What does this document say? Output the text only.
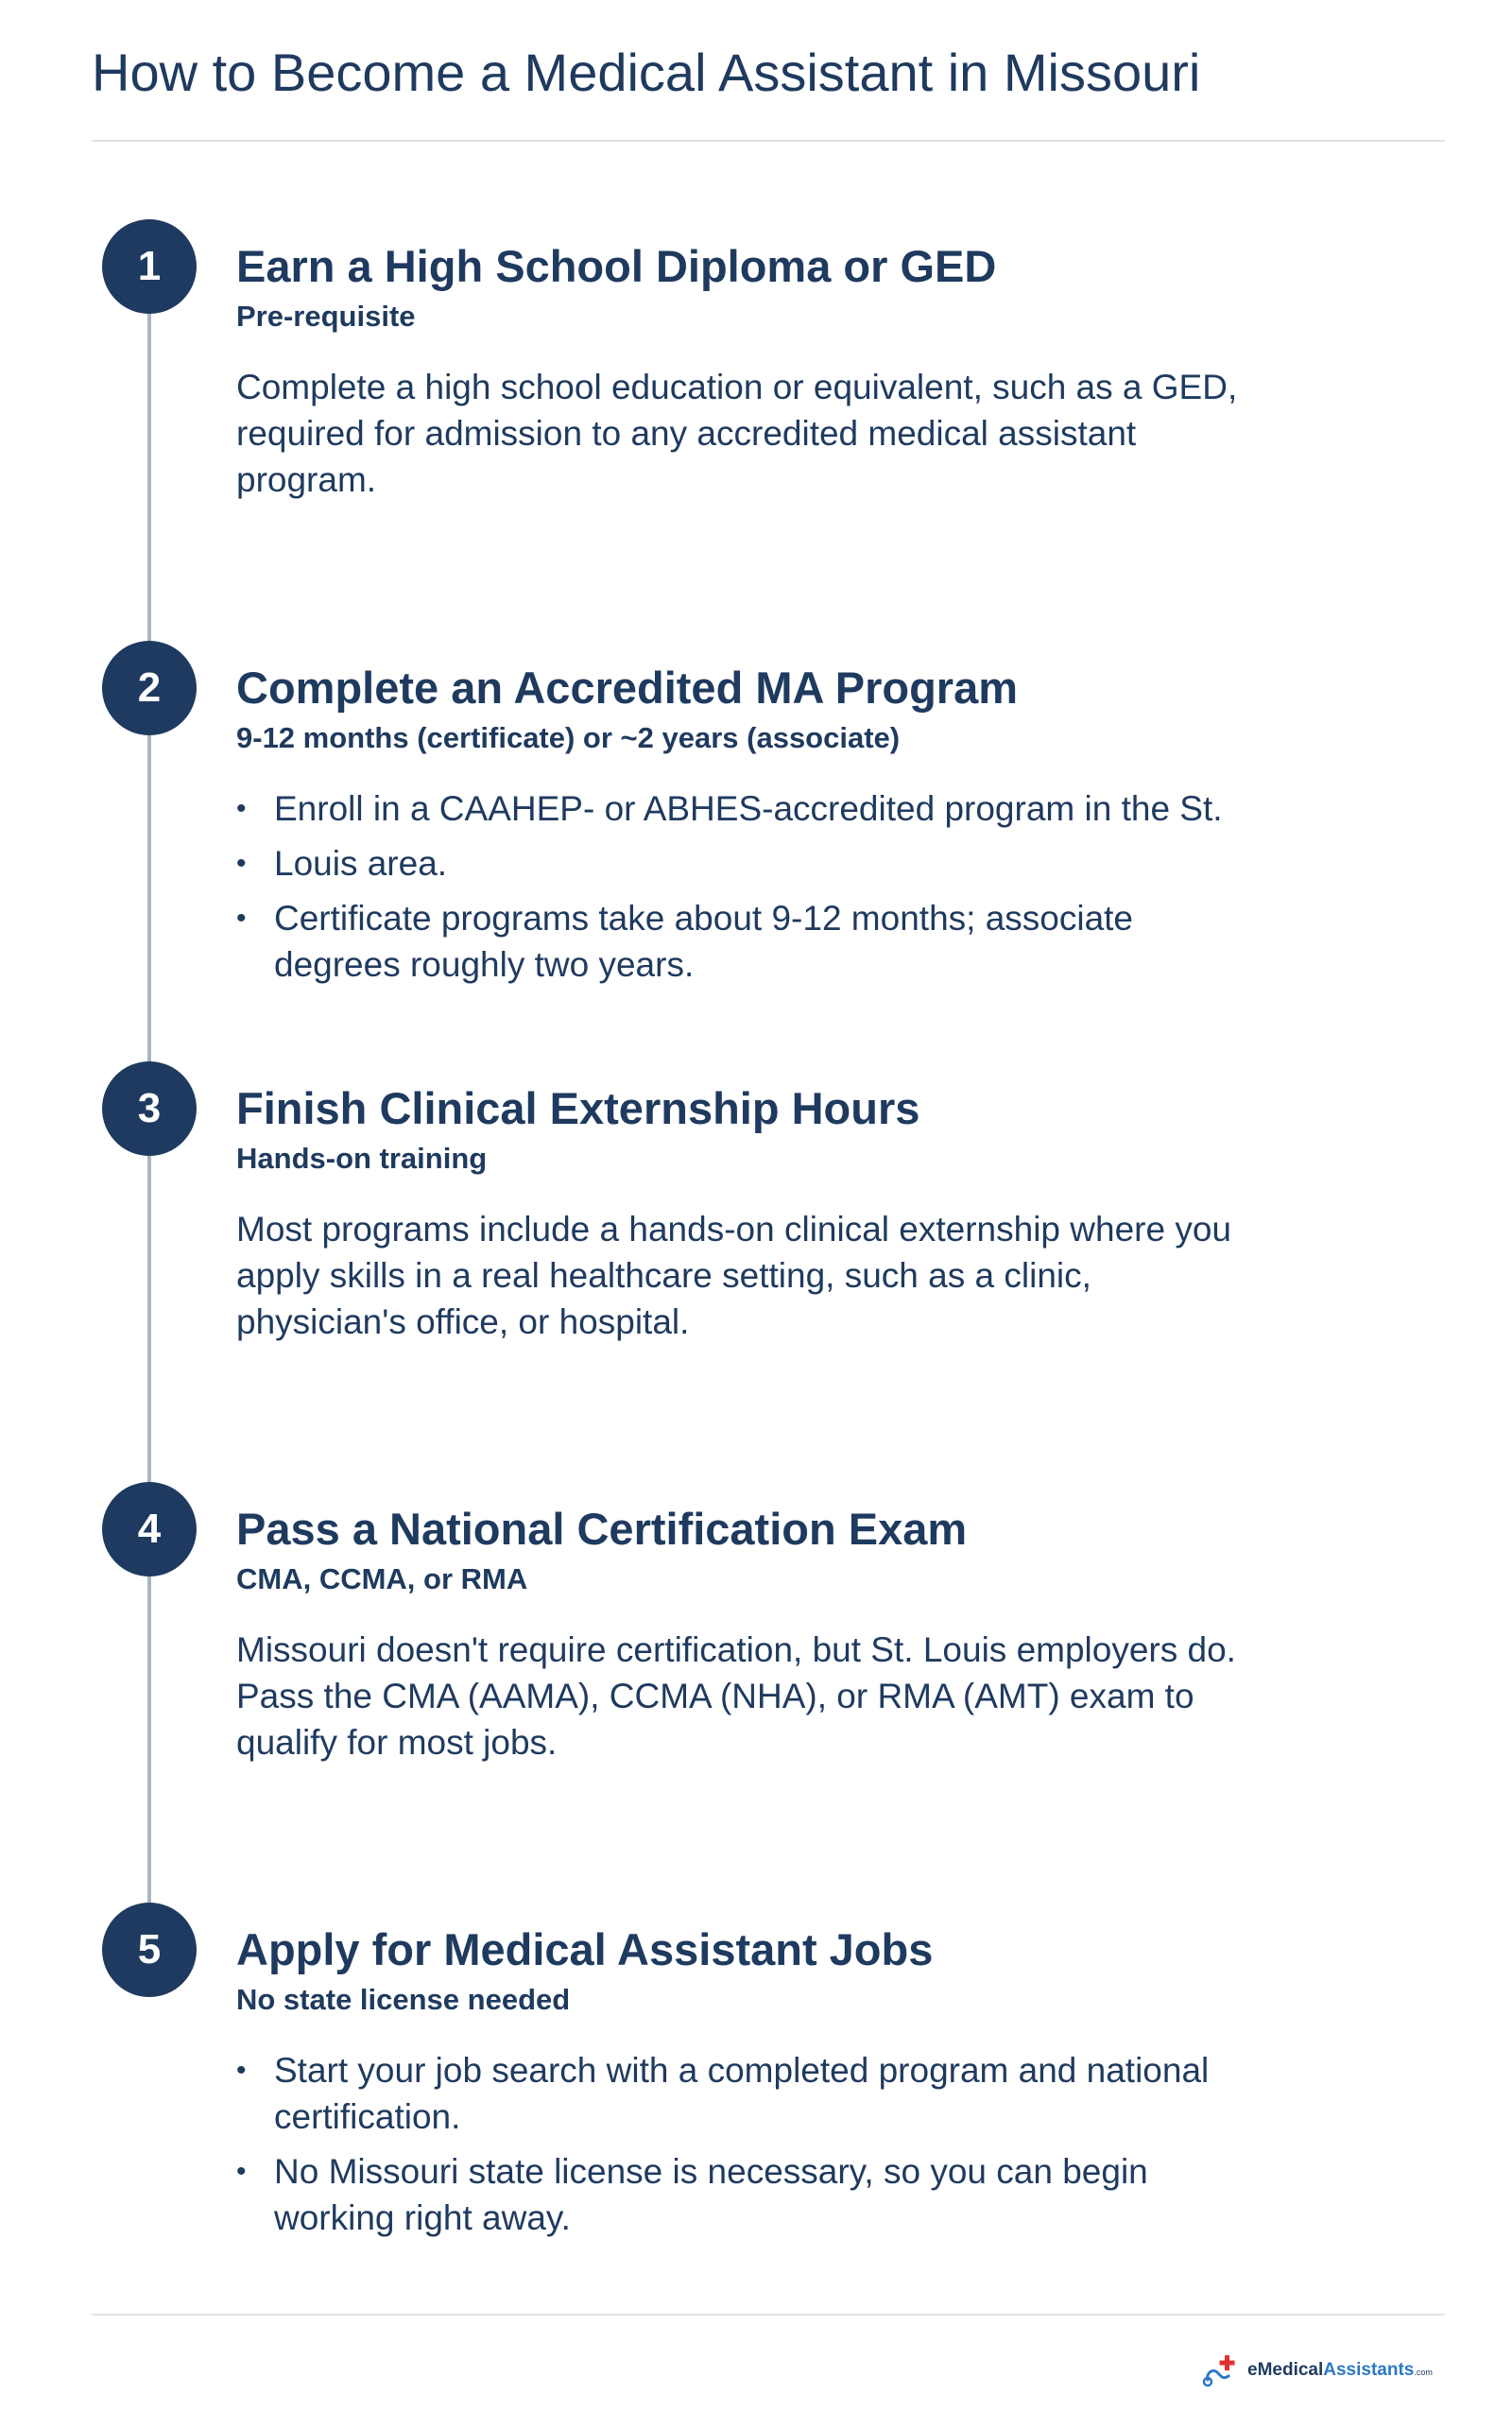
How to Become a Medical Assistant in Missouri
1	Earn a High School Diploma or GED

Pre-requisite

Complete a high school education or equivalent, such as a GED, required for admission to any accredited medical assistant program.

2	Complete an Accredited MA Program

9-12 months (certificate) or ~2 years (associate)

• Enroll in a CAAHEP- or ABHES-accredited program in the St.
• Louis area.
• Certificate programs take about 9-12 months; associate degrees roughly two years.
3	Finish Clinical Externship Hours

Hands-on training

Most programs include a hands-on clinical externship where you apply skills in a real healthcare setting, such as a clinic, physician's office, or hospital.

4	Pass a National Certification Exam

CMA, CCMA, or RMA

Missouri doesn't require certification, but St. Louis employers do. Pass the CMA (AAMA), CCMA (NHA), or RMA (AMT) exam to qualify for most jobs.

5	Apply for Medical Assistant Jobs

No state license needed

• Start your job search with a completed program and national certification.
• No Missouri state license is necessary, so you can begin working right away.
eMedicalAssistants.com
